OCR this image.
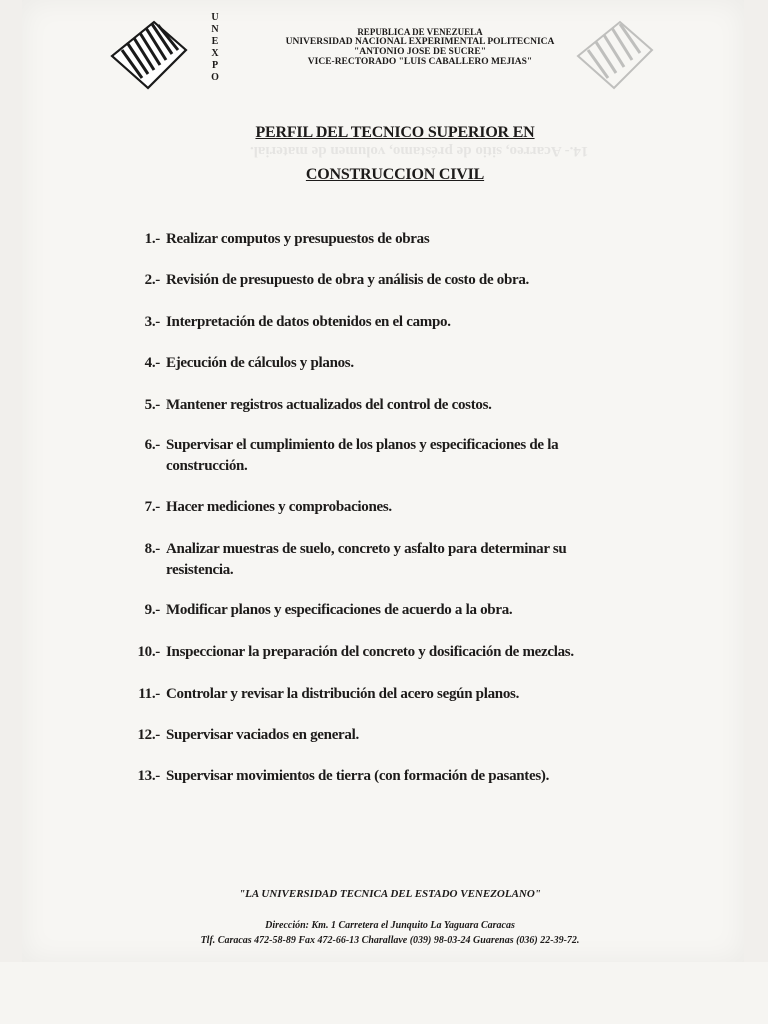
14.- Acarreo, sitio de préstamo, volumen de material.
U
N
E
X
P
O
REPUBLICA DE VENEZUELA
UNIVERSIDAD NACIONAL EXPERIMENTAL POLITECNICA
"ANTONIO JOSE DE SUCRE"
VICE-RECTORADO "LUIS CABALLERO MEJIAS"
PERFIL DEL TECNICO SUPERIOR EN
CONSTRUCCION CIVIL
1.- Realizar computos y presupuestos de obras
2.- Revisión de presupuesto de obra y análisis de costo de obra.
3.- Interpretación de datos obtenidos en el campo.
4.- Ejecución de cálculos y planos.
5.- Mantener registros actualizados del control de costos.
6.- Supervisar el cumplimiento de los planos y especificaciones de la
construcción.
7.- Hacer mediciones y comprobaciones.
8.- Analizar muestras de suelo, concreto y asfalto para determinar su
resistencia.
9.- Modificar planos y especificaciones de acuerdo a la obra.
10.- Inspeccionar la preparación del concreto y dosificación de mezclas.
11.- Controlar y revisar la distribución del acero según planos.
12.- Supervisar vaciados en general.
13.- Supervisar movimientos de tierra (con formación de pasantes).
"LA UNIVERSIDAD TECNICA DEL ESTADO VENEZOLANO"
Dirección: Km. 1 Carretera el Junquito La Yaguara Caracas
Tlf. Caracas 472-58-89 Fax 472-66-13 Charallave (039) 98-03-24 Guarenas (036) 22-39-72.
